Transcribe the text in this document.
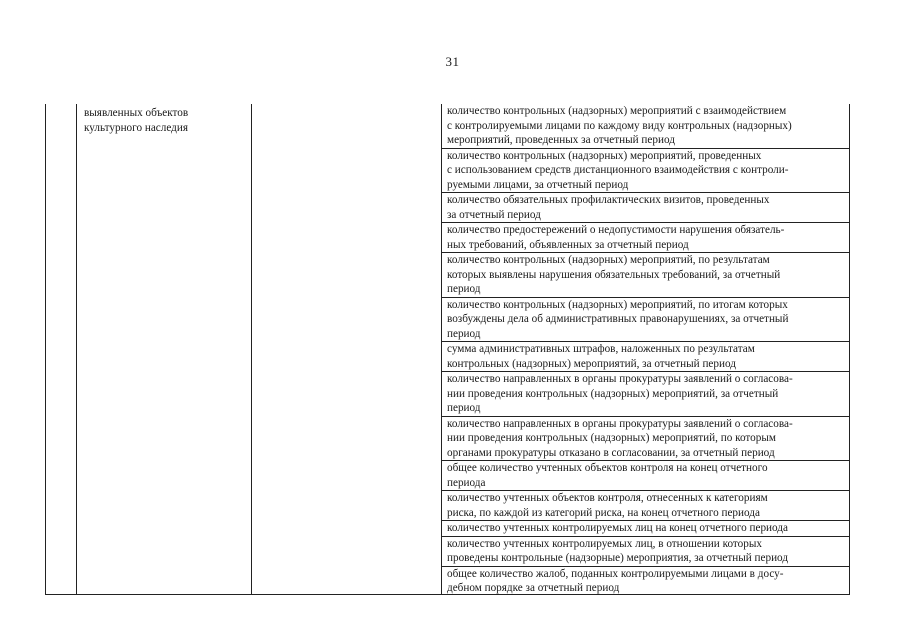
31
выявленных объектов
культурного наследия
количество контрольных (надзорных) мероприятий с взаимодействием
с контролируемыми лицами по каждому виду контрольных (надзорных)
мероприятий, проведенных за отчетный период
количество контрольных (надзорных) мероприятий, проведенных
с использованием средств дистанционного взаимодействия с контроли-
руемыми лицами, за отчетный период
количество обязательных профилактических визитов, проведенных
за отчетный период
количество предостережений о недопустимости нарушения обязатель-
ных требований, объявленных за отчетный период
количество контрольных (надзорных) мероприятий, по результатам
которых выявлены нарушения обязательных требований, за отчетный
период
количество контрольных (надзорных) мероприятий, по итогам которых
возбуждены дела об административных правонарушениях, за отчетный
период
сумма административных штрафов, наложенных по результатам
контрольных (надзорных) мероприятий, за отчетный период
количество направленных в органы прокуратуры заявлений о согласова-
нии проведения контрольных (надзорных) мероприятий, за отчетный
период
количество направленных в органы прокуратуры заявлений о согласова-
нии проведения контрольных (надзорных) мероприятий, по которым
органами прокуратуры отказано в согласовании, за отчетный период
общее количество учтенных объектов контроля на конец отчетного
периода
количество учтенных объектов контроля, отнесенных к категориям
риска, по каждой из категорий риска, на конец отчетного периода
количество учтенных контролируемых лиц на конец отчетного периода
количество учтенных контролируемых лиц, в отношении которых
проведены контрольные (надзорные) мероприятия, за отчетный период
общее количество жалоб, поданных контролируемыми лицами в досу-
дебном порядке за отчетный период
